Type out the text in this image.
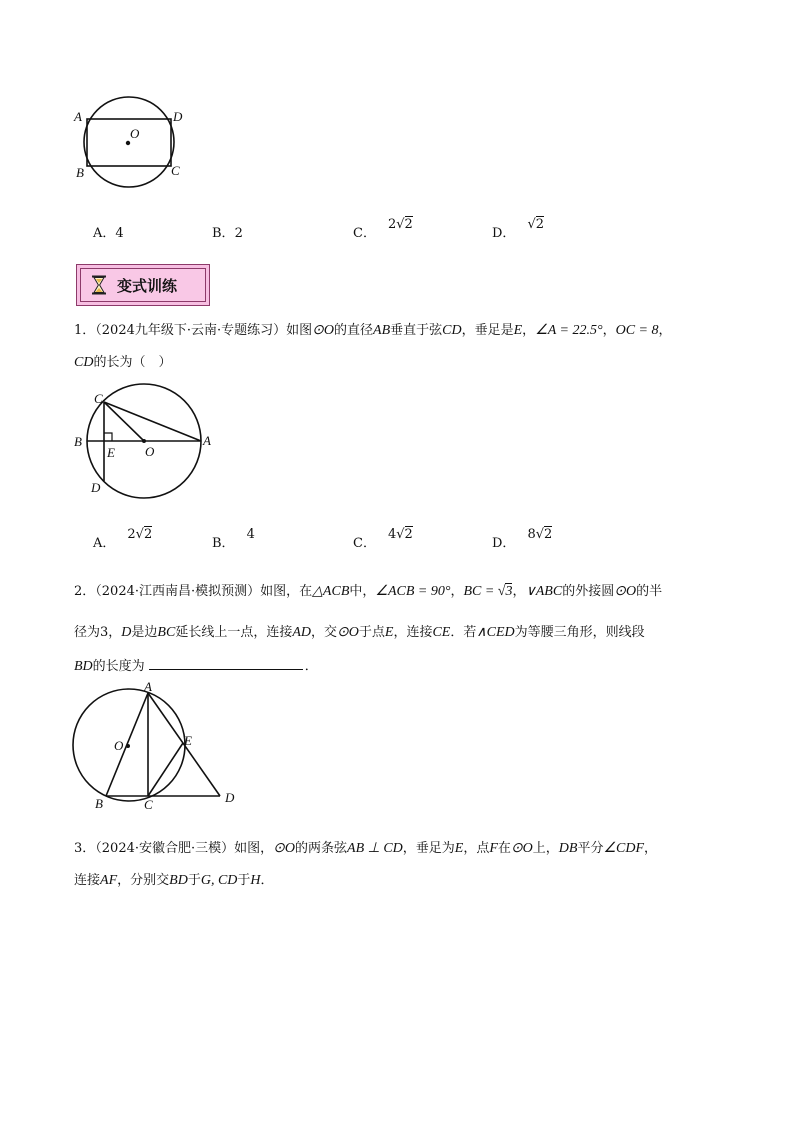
A	D
B	C
O
A．4	B．2	C．2√2
D．√2
变式训练
1．（2024九年级下·云南·专题练习）如图⊙O的直径AB垂直于弦CD，垂足是E，∠A = 22.5°，OC = 8，
CD的长为（　）
C
B	A
E O
D
A．2√2
B．4
C．4√2
D．8√2
2．（2024·江西南昌·模拟预测）如图，在△ACB中，∠ACB = 90°，BC = √3，∨ABC的外接圆⊙O的半
径为3，D是边BC延长线上一点，连接AD，交⊙O于点E，连接CE．若∧CED为等腰三角形，则线段
BD的长度为	．
A
O	E
B	C	D
3．（2024·安徽合肥·三模）如图，⊙O的两条弦AB ⊥ CD，垂足为E，点F在⊙O上，DB平分∠CDF，
连接AF，分别交BD于G, CD于H．
